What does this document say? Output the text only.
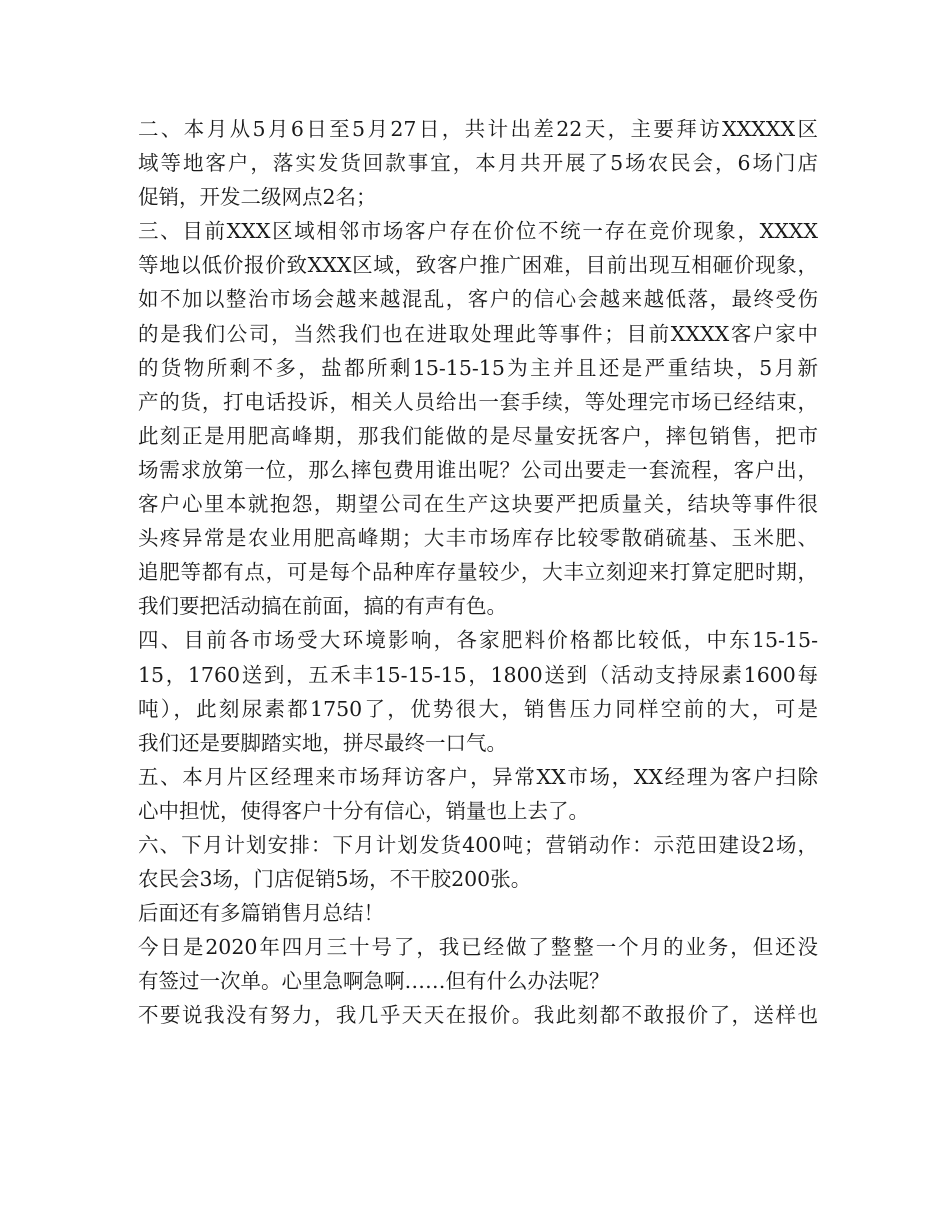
二、本月从5月6日至5月27日，共计出差22天，主要拜访XXXXX区
域等地客户，落实发货回款事宜，本月共开展了5场农民会，6场门店
促销，开发二级网点2名；
三、目前XXX区域相邻市场客户存在价位不统一存在竞价现象，XXXX
等地以低价报价致XXX区域，致客户推广困难，目前出现互相砸价现象，
如不加以整治市场会越来越混乱，客户的信心会越来越低落，最终受伤
的是我们公司，当然我们也在进取处理此等事件；目前XXXX客户家中
的货物所剩不多，盐都所剩15-15-15为主并且还是严重结块，5月新
产的货，打电话投诉，相关人员给出一套手续，等处理完市场已经结束，
此刻正是用肥高峰期，那我们能做的是尽量安抚客户，摔包销售，把市
场需求放第一位，那么摔包费用谁出呢？公司出要走一套流程，客户出，
客户心里本就抱怨，期望公司在生产这块要严把质量关，结块等事件很
头疼异常是农业用肥高峰期；大丰市场库存比较零散硝硫基、玉米肥、
追肥等都有点，可是每个品种库存量较少，大丰立刻迎来打算定肥时期，
我们要把活动搞在前面，搞的有声有色。
四、目前各市场受大环境影响，各家肥料价格都比较低，中东15-15-
15，1760送到，五禾丰15-15-15，1800送到（活动支持尿素1600每
吨），此刻尿素都1750了，优势很大，销售压力同样空前的大，可是
我们还是要脚踏实地，拼尽最终一口气。
五、本月片区经理来市场拜访客户，异常XX市场，XX经理为客户扫除
心中担忧，使得客户十分有信心，销量也上去了。
六、下月计划安排：下月计划发货400吨；营销动作：示范田建设2场，
农民会3场，门店促销5场，不干胶200张。
后面还有多篇销售月总结！
今日是2020年四月三十号了，我已经做了整整一个月的业务，但还没
有签过一次单。心里急啊急啊……但有什么办法呢？
不要说我没有努力，我几乎天天在报价。我此刻都不敢报价了，送样也
